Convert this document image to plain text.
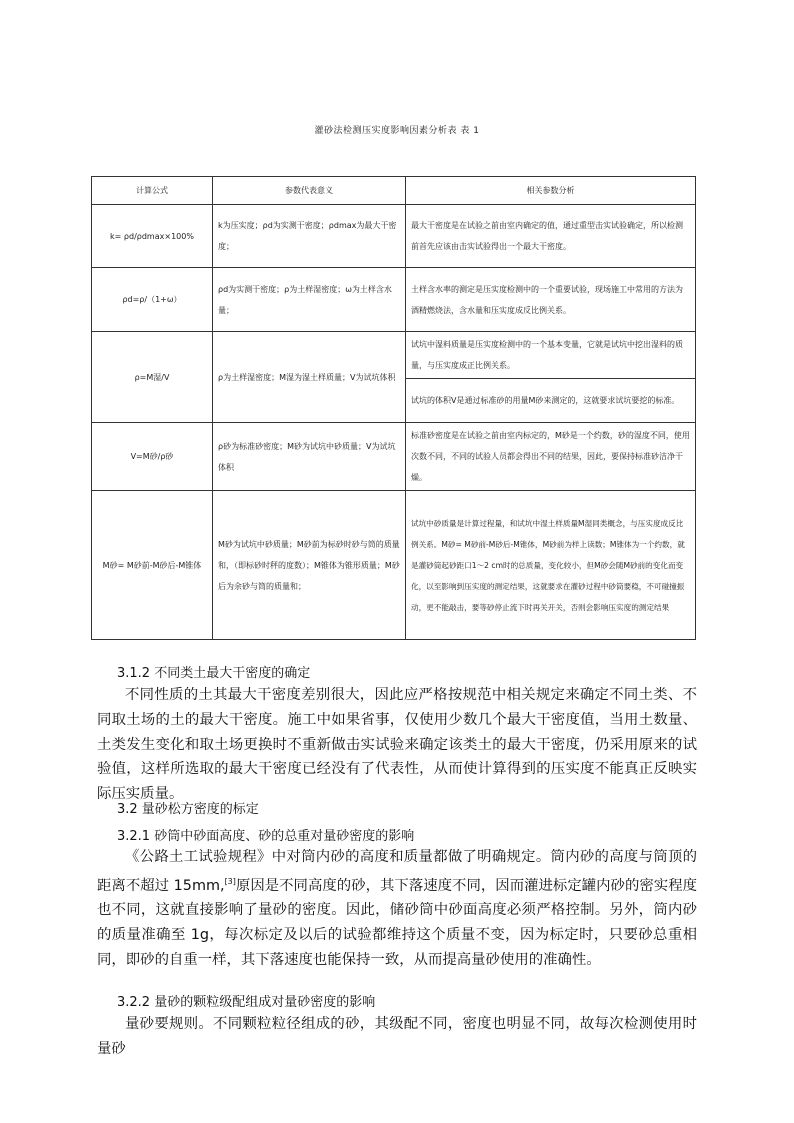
灌砂法检测压实度影响因素分析表 表 1
计算公式	参数代表意义	相关参数分析
k= ρd/ρdmax×100%	k为压实度；ρd为实测干密度；ρdmax为最大干密度；	最大干密度是在试验之前由室内确定的值，通过重型击实试验确定，所以检测前首先应该由击实试验得出一个最大干密度。
ρd=ρ/（1+ω）	ρd为实测干密度；ρ为土样湿密度；ω为土样含水量；	土样含水率的测定是压实度检测中的一个重要试验，现场施工中常用的方法为酒精燃烧法，含水量和压实度成反比例关系。
ρ=M湿/V	ρ为土样湿密度；M湿为湿土样质量；V为试坑体积	试坑中湿料质量是压实度检测中的一个基本变量，它就是试坑中挖出湿料的质量，与压实度成正比例关系。
		试坑的体积V是通过标准砂的用量M砂来测定的，这就要求试坑要挖的标准。
V=M砂/ρ砂	ρ砂为标准砂密度；M砂为试坑中砂质量；V为试坑体积	标准砂密度是在试验之前由室内标定的，M砂是一个约数，砂的湿度不同，使用次数不同，不同的试验人员都会得出不同的结果，因此，要保持标准砂洁净干燥。
M砂= M砂前-M砂后-M锥体	M砂为试坑中砂质量；M砂前为标砂时砂与筒的质量和，（即标砂时秤的度数）；M锥体为锥形质量；M砂后为余砂与筒的质量和；	试坑中砂质量是计算过程量，和试坑中湿土样质量M湿同类概念，与压实度成反比例关系。M砂= M砂前-M砂后-M锥体，M砂前为样上读数；M锥体为一个约数，就是灌砂筒起砂距口1～2 cm时的总质量，变化较小，但M砂会随M砂前的变化而变化，以至影响到压实度的测定结果，这就要求在灌砂过程中砂筒要稳，不可碰撞振动，更不能敲击，要等砂停止流下时再关开关，否则会影响压实度的测定结果
3.1.2 不同类土最大干密度的确定
不同性质的土其最大干密度差别很大，因此应严格按规范中相关规定来确定不同土类、不同取土场的土的最大干密度。施工中如果省事，仅使用少数几个最大干密度值，当用土数量、土类发生变化和取土场更换时不重新做击实试验来确定该类土的最大干密度，仍采用原来的试验值，这样所选取的最大干密度已经没有了代表性，从而使计算得到的压实度不能真正反映实际压实质量。
3.2 量砂松方密度的标定
3.2.1 砂筒中砂面高度、砂的总重对量砂密度的影响
《公路土工试验规程》中对筒内砂的高度和质量都做了明确规定。筒内砂的高度与筒顶的距离不超过 15mm,[3]原因是不同高度的砂，其下落速度不同，因而灌进标定罐内砂的密实程度也不同，这就直接影响了量砂的密度。因此，储砂筒中砂面高度必须严格控制。另外，筒内砂的质量准确至 1g，每次标定及以后的试验都维持这个质量不变，因为标定时，只要砂总重相同，即砂的自重一样，其下落速度也能保持一致，从而提高量砂使用的准确性。
3.2.2 量砂的颗粒级配组成对量砂密度的影响
量砂要规则。不同颗粒粒径组成的砂，其级配不同，密度也明显不同，故每次检测使用时量砂
